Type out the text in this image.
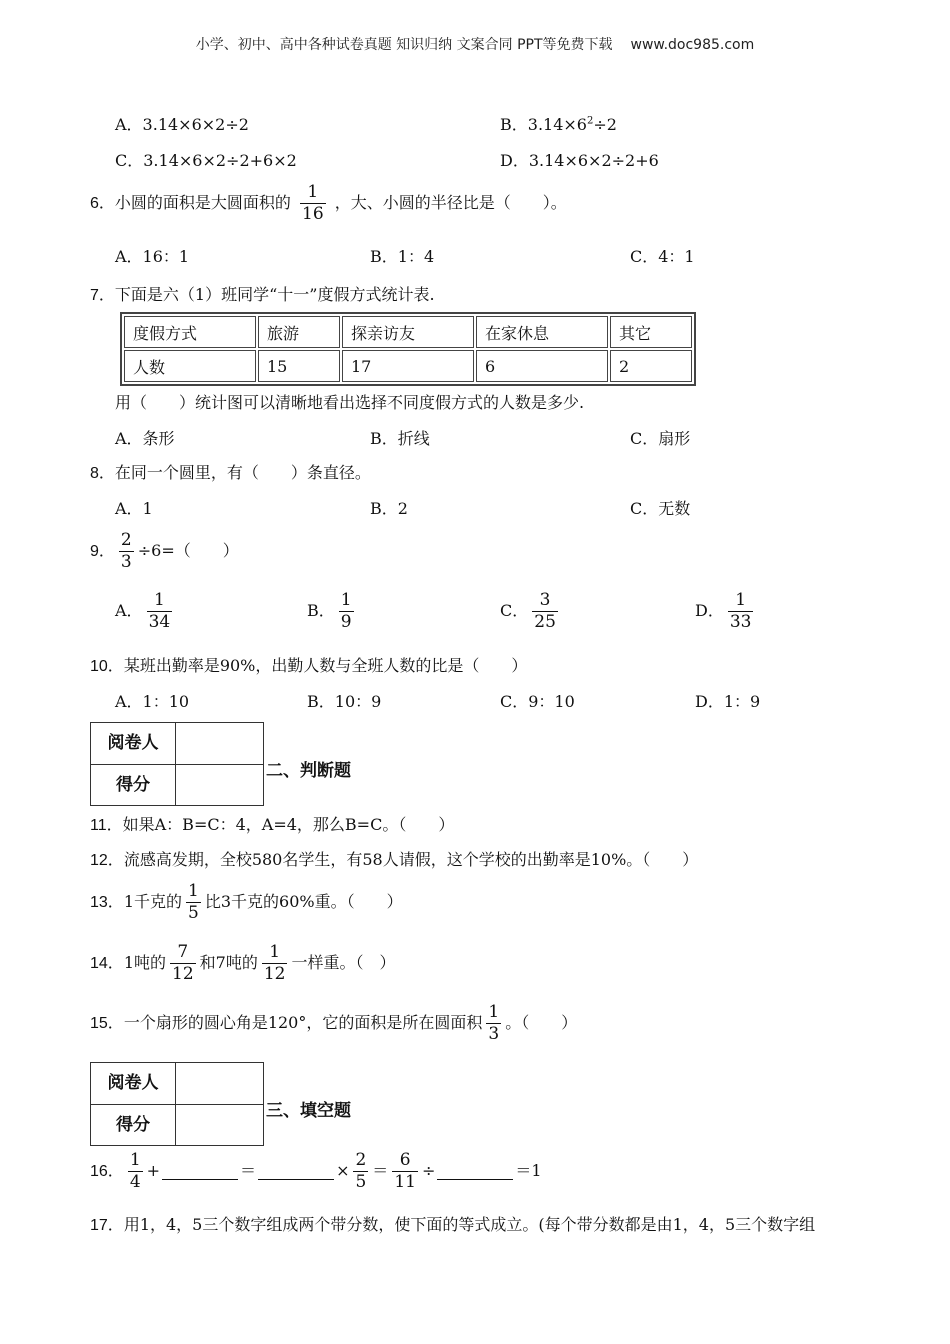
小学、初中、高中各种试卷真题 知识归纳 文案合同 PPT等免费下载 www.doc985.com
A．3.14×6×2÷2	B．$3.14\times 6^2\div 2$
C．3.14×6×2÷2+6×2	D．3.14×6×2÷2+6
6．小圆的面积是大圆面积的 $\frac{1}{16}$ ，大、小圆的半径比是（　　）。
A．16：1	B．1：4	C．4：1
7．下面是六（1）班同学“十一”度假方式统计表.
度假方式	旅游	探亲访友	在家休息	其它
人数	15	17	6	2
用（　　）统计图可以清晰地看出选择不同度假方式的人数是多少.
A．条形	B．折线	C．扇形
8．在同一个圆里，有（　　）条直径。
A．1	B．2	C．无数
9． $\frac{2}{3} \div 6=$（　　）
A． $\frac{1}{34}$	B． $\frac{1}{9}$	C． $\frac{3}{25}$	D． $\frac{1}{33}$
10．某班出勤率是90%，出勤人数与全班人数的比是（　　）
A．1：10	B．10：9	C．9：10	D．1：9
阅卷人
得分
二、判断题
11．如果A：B=C：4，A=4，那么B=C。（　　）
12．流感高发期，全校580名学生，有58人请假，这个学校的出勤率是10%。（　　）
13．1千克的 $\frac{1}{5}$ 比3千克的60%重。（　　）
14．1吨的 $\frac{7}{12}$ 和7吨的 $\frac{1}{12}$ 一样重。（　）
15．一个扇形的圆心角是120°，它的面积是所在圆面积 $\frac{1}{3}$ 。（　　）
阅卷人
得分
三、填空题
16． $\frac{1}{4}$ +	＝	× $\frac{2}{5} = \frac{6}{11}$ ÷	＝1
17．用1，4，5三个数字组成两个带分数，使下面的等式成立。(每个带分数都是由1，4，5三个数字组
